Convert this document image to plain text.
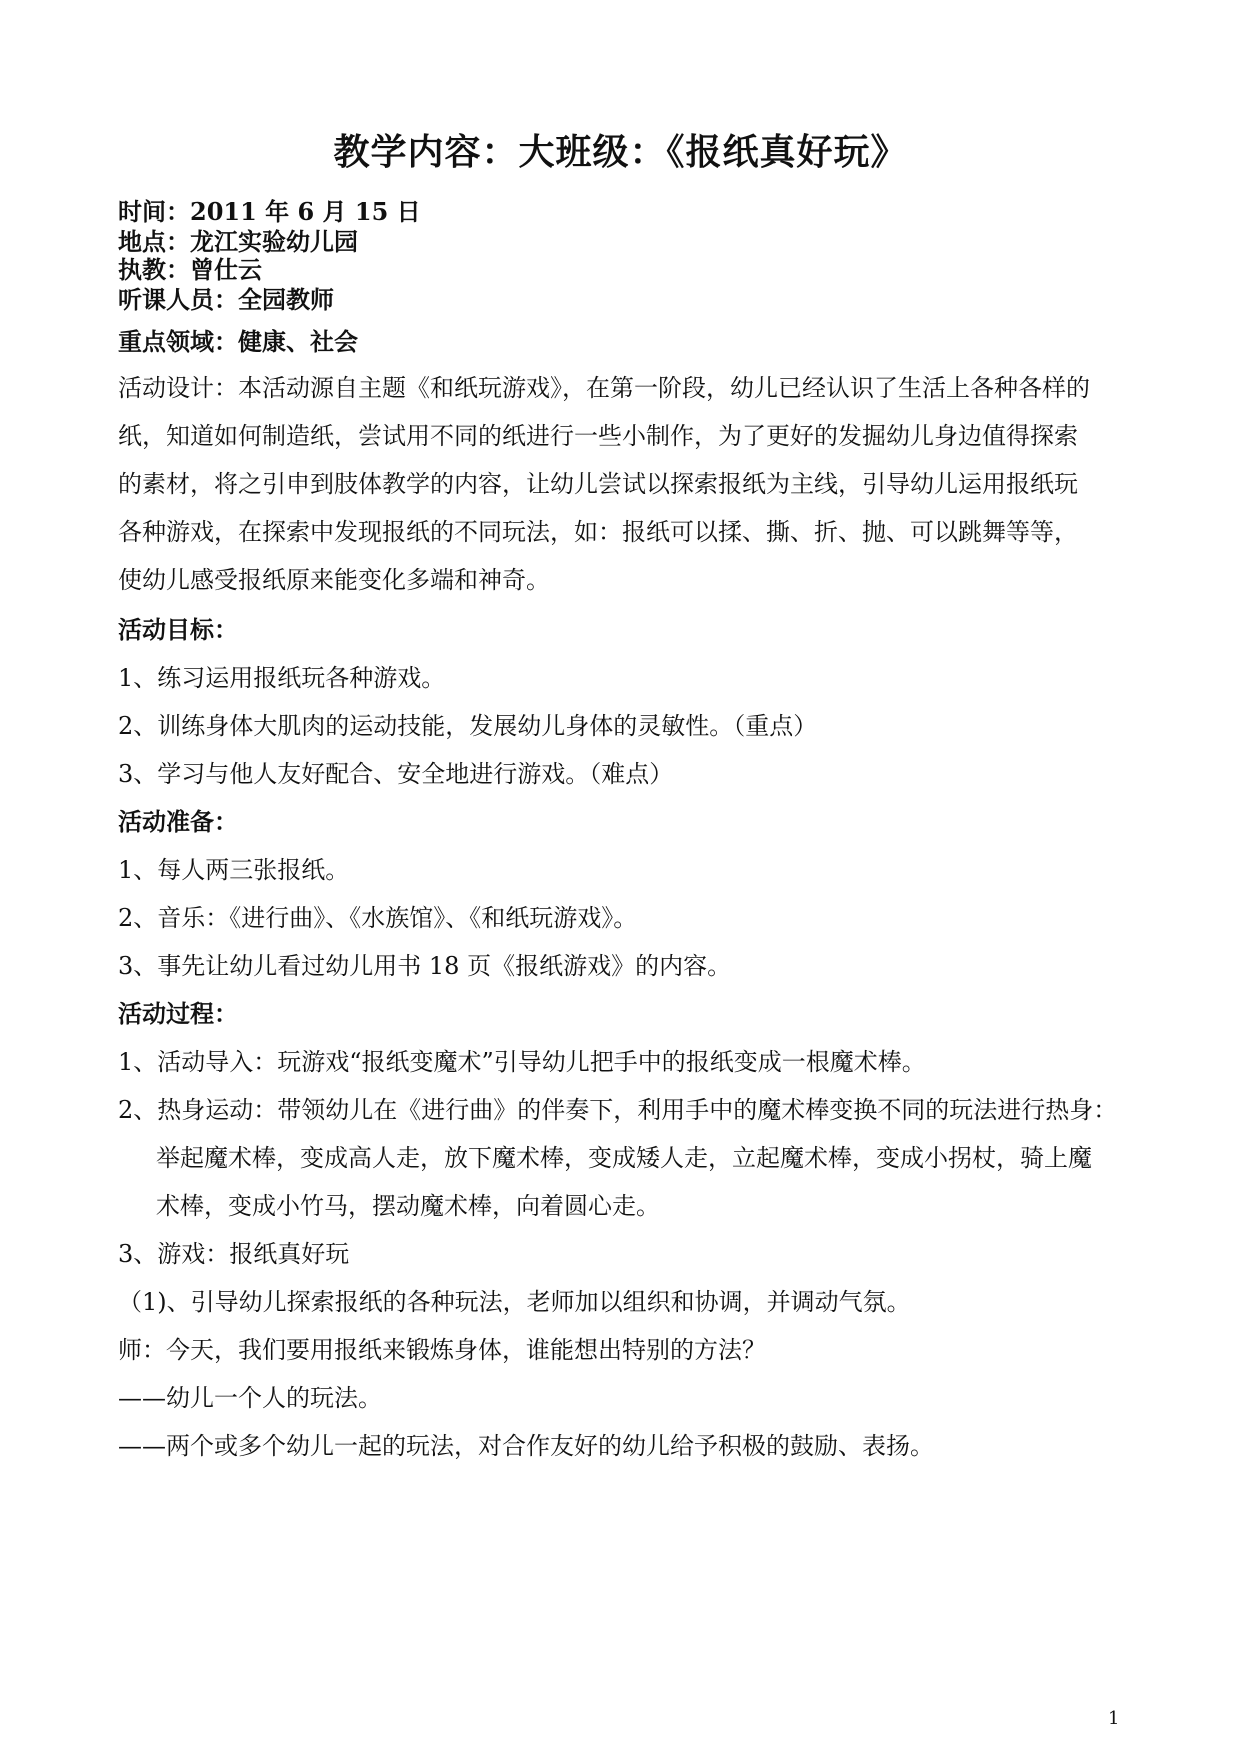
教学内容：大班级：《报纸真好玩》
时间：2011 年 6 月 15 日
地点：龙江实验幼儿园
执教：曾仕云
听课人员：全园教师
重点领域：健康、社会
活动设计：本活动源自主题《和纸玩游戏》，在第一阶段，幼儿已经认识了生活上各种各样的
纸，知道如何制造纸，尝试用不同的纸进行一些小制作，为了更好的发掘幼儿身边值得探索
的素材，将之引申到肢体教学的内容，让幼儿尝试以探索报纸为主线，引导幼儿运用报纸玩
各种游戏，在探索中发现报纸的不同玩法，如：报纸可以揉、撕、折、抛、可以跳舞等等，
使幼儿感受报纸原来能变化多端和神奇。
活动目标：
1、练习运用报纸玩各种游戏。
2、训练身体大肌肉的运动技能，发展幼儿身体的灵敏性。（重点）
3、学习与他人友好配合、安全地进行游戏。（难点）
活动准备：
1、每人两三张报纸。
2、音乐：《进行曲》、《水族馆》、《和纸玩游戏》。
3、事先让幼儿看过幼儿用书 18 页《报纸游戏》的内容。
活动过程：
1、活动导入：玩游戏“报纸变魔术”引导幼儿把手中的报纸变成一根魔术棒。
2、热身运动：带领幼儿在《进行曲》的伴奏下，利用手中的魔术棒变换不同的玩法进行热身：
举起魔术棒，变成高人走，放下魔术棒，变成矮人走，立起魔术棒，变成小拐杖，骑上魔
术棒，变成小竹马，摆动魔术棒，向着圆心走。
3、游戏：报纸真好玩
（1)、引导幼儿探索报纸的各种玩法，老师加以组织和协调，并调动气氛。
师：今天，我们要用报纸来锻炼身体，谁能想出特别的方法？
——幼儿一个人的玩法。
——两个或多个幼儿一起的玩法，对合作友好的幼儿给予积极的鼓励、表扬。
1
